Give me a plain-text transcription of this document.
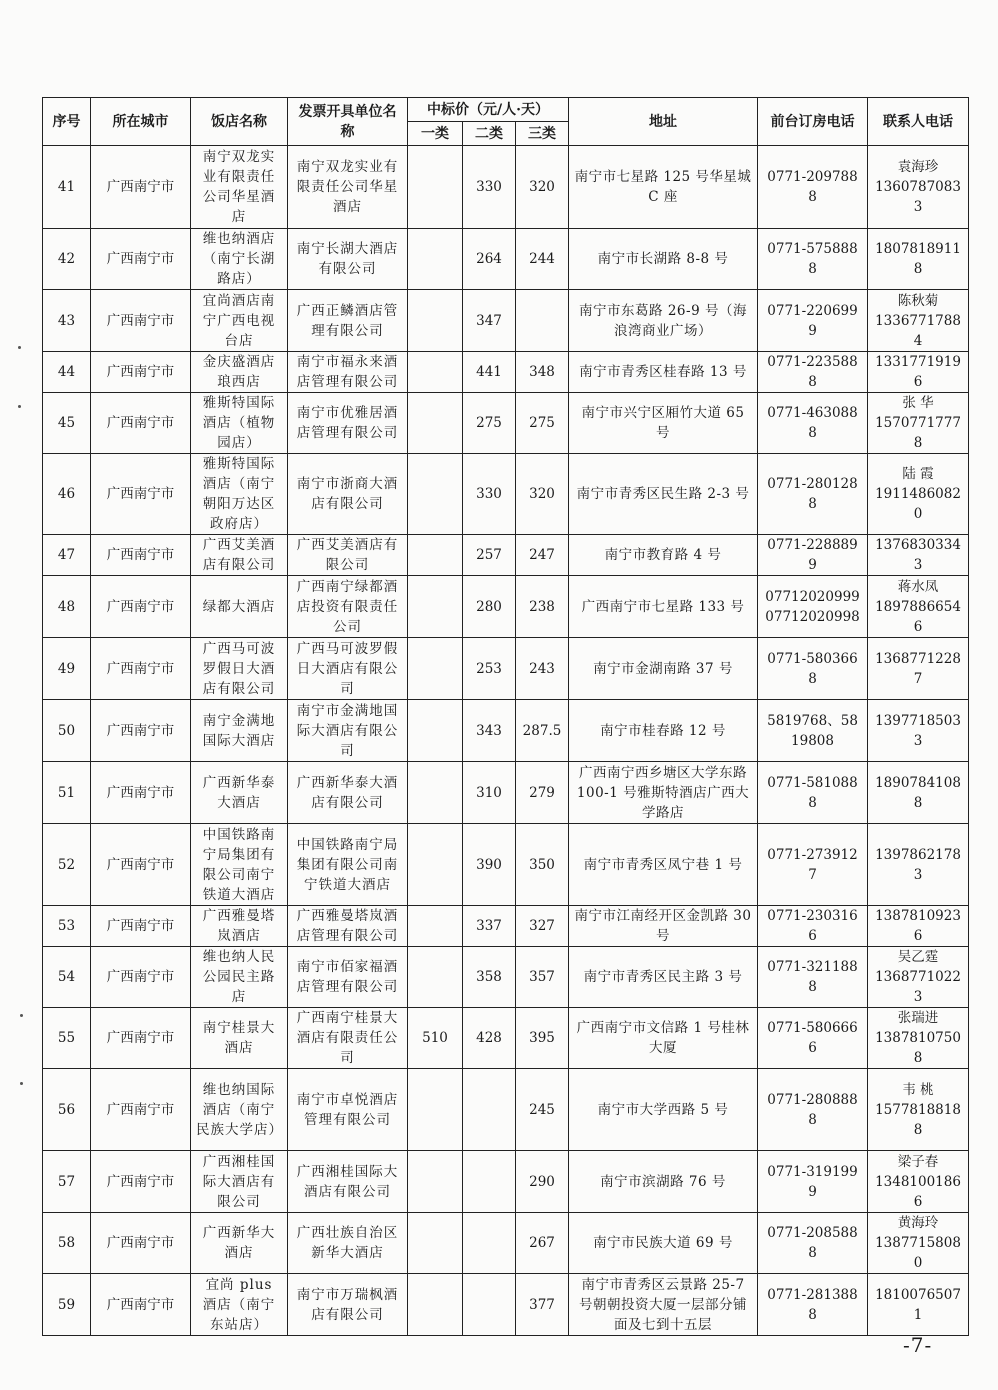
序号	所在城市	饭店名称	发票开具单位名称	中标价（元/人·天）			地址	前台订房电话	联系人电话
				一类	二类	三类			
41	广西南宁市	南宁双龙实业有限责任公司华星酒店	南宁双龙实业有限责任公司华星酒店		330	320	南宁市七星路 125 号华星城 C 座	0771-2097888	袁海珍
13607870833

42	广西南宁市	维也纳酒店（南宁长湖路店）	南宁长湖大酒店有限公司		264	244	南宁市长湖路 8-8 号	0771-5758888	18078189118

43	广西南宁市	宜尚酒店南宁广西电视台店	广西正鳞酒店管理有限公司		347		南宁市东葛路 26-9 号（海浪湾商业广场）	0771-2206999	陈秋菊
13367717884

44	广西南宁市	金庆盛酒店琅西店	南宁市福永来酒店管理有限公司		441	348	南宁市青秀区桂春路 13 号	0771-2235888	13317719196

45	广西南宁市	雅斯特国际酒店（植物园店）	南宁市优雅居酒店管理有限公司		275	275	南宁市兴宁区厢竹大道 65 号	0771-4630888	张 华
15707717778

46	广西南宁市	雅斯特国际酒店（南宁朝阳万达区政府店）	南宁市浙商大酒店有限公司		330	320	南宁市青秀区民生路 2-3 号	0771-2801288	陆 霞
19114860820

47	广西南宁市	广西艾美酒店有限公司	广西艾美酒店有限公司		257	247	南宁市教育路 4 号	0771-2288899	13768303343

48	广西南宁市	绿都大酒店	广西南宁绿都酒店投资有限责任公司		280	238	广西南宁市七星路 133 号	07712020999 07712020998	蒋水凤
18978866546

49	广西南宁市	广西马可波罗假日大酒店有限公司	广西马可波罗假日大酒店有限公司		253	243	南宁市金湖南路 37 号	0771-5803668	13687712287

50	广西南宁市	南宁金满地国际大酒店	南宁市金满地国际大酒店有限公司		343	287.5	南宁市桂春路 12 号	5819768、5819808	13977185033

51	广西南宁市	广西新华泰大酒店	广西新华泰大酒店有限公司		310	279	广西南宁西乡塘区大学东路 100-1 号雅斯特酒店广西大学路店	0771-5810888	18907841088

52	广西南宁市	中国铁路南宁局集团有限公司南宁铁道大酒店	中国铁路南宁局集团有限公司南宁铁道大酒店		390	350	南宁市青秀区凤宁巷 1 号	0771-2739127	13978621783

53	广西南宁市	广西雅曼塔岚酒店	广西雅曼塔岚酒店管理有限公司		337	327	南宁市江南经开区金凯路 30 号	0771-2303166	13878109236

54	广西南宁市	维也纳人民公园民主路店	南宁市佰家福酒店管理有限公司		358	357	南宁市青秀区民主路 3 号	0771-3211888	吴乙霆
13687710223

55	广西南宁市	南宁桂景大酒店	广西南宁桂景大酒店有限责任公司	510	428	395	广西南宁市文信路 1 号桂林大厦	0771-5806666	张瑞进
13878107508

56	广西南宁市	维也纳国际酒店（南宁民族大学店）	南宁市卓悦酒店管理有限公司			245	南宁市大学西路 5 号	0771-2808888	韦 桃
15778188188

57	广西南宁市	广西湘桂国际大酒店有限公司	广西湘桂国际大酒店有限公司			290	南宁市滨湖路 76 号	0771-3191999	梁子春
13481001866

58	广西南宁市	广西新华大酒店	广西壮族自治区新华大酒店			267	南宁市民族大道 69 号	0771-2085888	黄海玲
13877158080

59	广西南宁市	宜尚 plus 酒店（南宁东站店）	南宁市万瑞枫酒店有限公司			377	南宁市青秀区云景路 25-7 号朝朝投资大厦一层部分铺面及七到十五层	0771-2813888	18100765071
-7-
